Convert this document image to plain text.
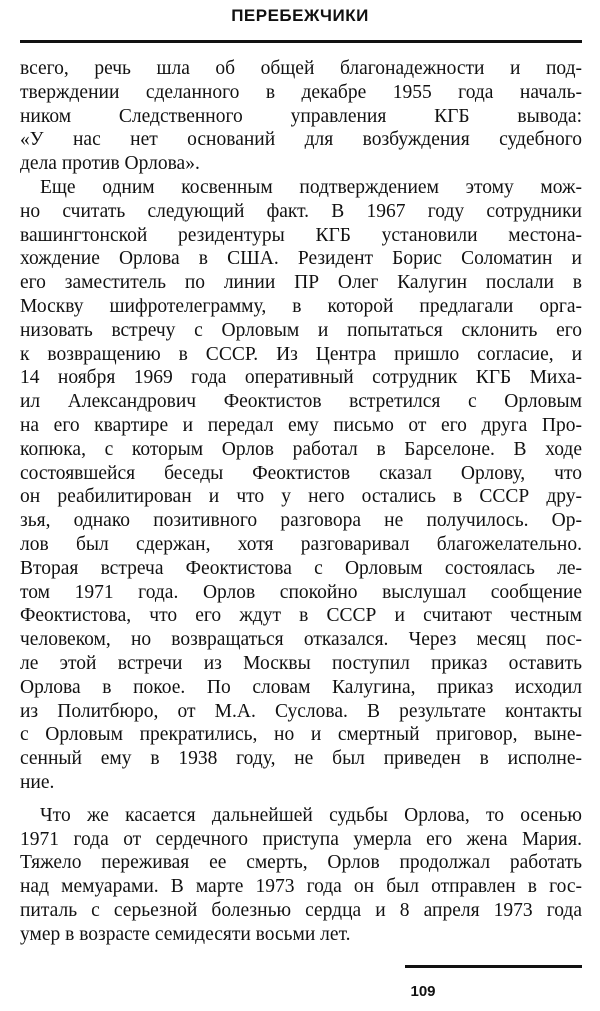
ПЕРЕБЕЖЧИКИ
всего, речь шла об общей благонадежности и под-
тверждении сделанного в декабре 1955 года началь-
ником Следственного управления КГБ вывода:
«У нас нет оснований для возбуждения судебного
дела против Орлова».
Еще одним косвенным подтверждением этому мож-
но считать следующий факт. В 1967 году сотрудники
вашингтонской резидентуры КГБ установили местона-
хождение Орлова в США. Резидент Борис Соломатин и
его заместитель по линии ПР Олег Калугин послали в
Москву шифротелеграмму, в которой предлагали орга-
низовать встречу с Орловым и попытаться склонить его
к возвращению в СССР. Из Центра пришло согласие, и
14 ноября 1969 года оперативный сотрудник КГБ Миха-
ил Александрович Феоктистов встретился с Орловым
на его квартире и передал ему письмо от его друга Про-
копюка, с которым Орлов работал в Барселоне. В ходе
состоявшейся беседы Феоктистов сказал Орлову, что
он реабилитирован и что у него остались в СССР дру-
зья, однако позитивного разговора не получилось. Ор-
лов был сдержан, хотя разговаривал благожелательно.
Вторая встреча Феоктистова с Орловым состоялась ле-
том 1971 года. Орлов спокойно выслушал сообщение
Феоктистова, что его ждут в СССР и считают честным
человеком, но возвращаться отказался. Через месяц пос-
ле этой встречи из Москвы поступил приказ оставить
Орлова в покое. По словам Калугина, приказ исходил
из Политбюро, от М.А. Суслова. В результате контакты
с Орловым прекратились, но и смертный приговор, выне-
сенный ему в 1938 году, не был приведен в исполне-
ние.
Что же касается дальнейшей судьбы Орлова, то осенью
1971 года от сердечного приступа умерла его жена Мария.
Тяжело переживая ее смерть, Орлов продолжал работать
над мемуарами. В марте 1973 года он был отправлен в гос-
питаль с серьезной болезнью сердца и 8 апреля 1973 года
умер в возрасте семидесяти восьми лет.
109
